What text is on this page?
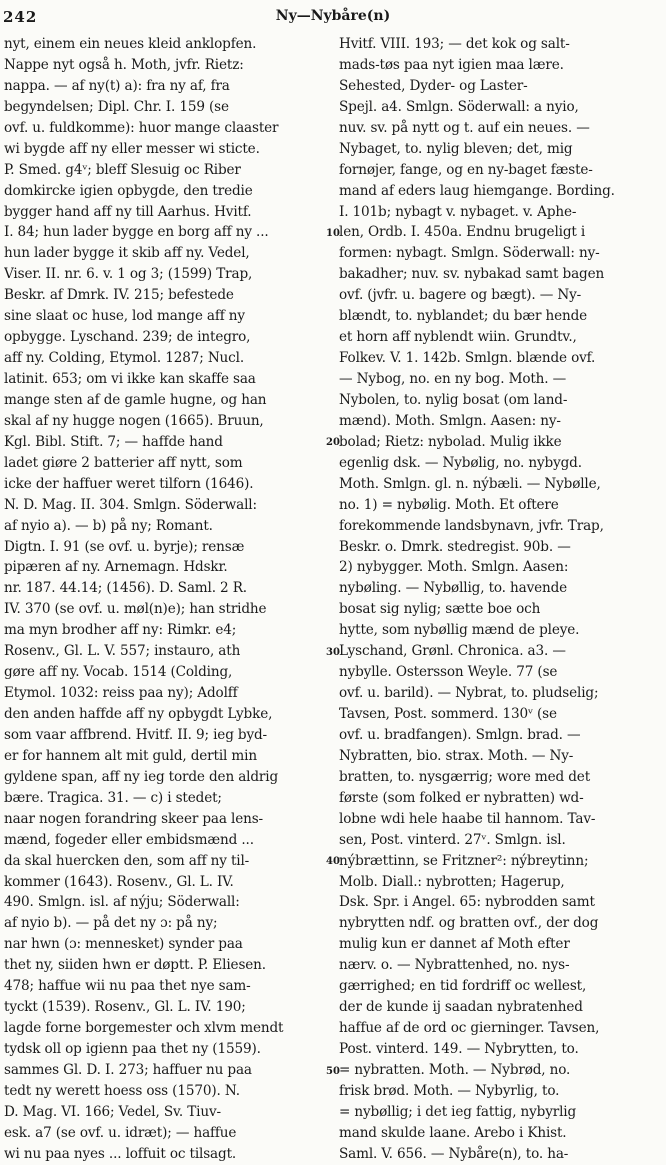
242	Ny—Nybåre(n)
nyt, einem ein neues kleid anklopfen.
Nappe nyt også h. Moth, jvfr. Rietz:
nappa. — af ny(t) a): fra ny af, fra
begyndelsen; Dipl. Chr. I. 159 (se
ovf. u. fuldkomme): huor mange claaster
wi bygde aff ny eller messer wi sticte.
P. Smed. g4ᵛ; bleff Slesuig oc Riber
domkircke igien opbygde, den tredie
bygger hand aff ny till Aarhus. Hvitf.
I. 84; hun lader bygge en borg aff ny ...
hun lader bygge it skib aff ny. Vedel,
Viser. II. nr. 6. v. 1 og 3; (1599) Trap,
Beskr. af Dmrk. IV. 215; befestede
sine slaat oc huse, lod mange aff ny
opbygge. Lyschand. 239; de integro,
aff ny. Colding, Etymol. 1287; Nucl.
latinit. 653; om vi ikke kan skaffe saa
mange sten af de gamle hugne, og han
skal af ny hugge nogen (1665). Bruun,
Kgl. Bibl. Stift. 7; — haffde hand
ladet giøre 2 batterier aff nytt, som
icke der haffuer weret tilforn (1646).
N. D. Mag. II. 304. Smlgn. Söderwall:
af nyio a). — b) på ny; Romant.
Digtn. I. 91 (se ovf. u. byrje); rensæ
pipæren af ny. Arnemagn. Hdskr.
nr. 187. 44.14; (1456). D. Saml. 2 R.
IV. 370 (se ovf. u. møl(n)e); han stridhe
ma myn brodher aff ny: Rimkr. e4;
Rosenv., Gl. L. V. 557; instauro, ath
gøre aff ny. Vocab. 1514 (Colding,
Etymol. 1032: reiss paa ny); Adolff
den anden haffde aff ny opbygdt Lybke,
som vaar affbrend. Hvitf. II. 9; ieg byd-
er for hannem alt mit guld, dertil min
gyldene span, aff ny ieg torde den aldrig
bære. Tragica. 31. — c) i stedet;
naar nogen forandring skeer paa lens-
mænd, fogeder eller embidsmænd ...
da skal huercken den, som aff ny til-
kommer (1643). Rosenv., Gl. L. IV.
490. Smlgn. isl. af nýju; Söderwall:
af nyio b). — på det ny ɔ: på ny;
nar hwn (ɔ: mennesket) synder paa
thet ny, siiden hwn er døptt. P. Eliesen.
478; haffue wii nu paa thet nye sam-
tyckt (1539). Rosenv., Gl. L. IV. 190;
lagde forne borgemester och xlvm mendt
tydsk oll op igienn paa thet ny (1559).
sammes Gl. D. I. 273; haffuer nu paa
tedt ny werett hoess oss (1570). N.
D. Mag. VI. 166; Vedel, Sv. Tiuv-
esk. a7 (se ovf. u. idræt); — haffue
wi nu paa nyes ... loffuit oc tilsagt.
10
20
30
40
50
Hvitf. VIII. 193; — det kok og salt-
mads-tøs paa nyt igien maa lære.
Sehested, Dyder- og Laster-
Spejl. a4. Smlgn. Söderwall: a nyio,
nuv. sv. på nytt og t. auf ein neues. —
Nybaget, to. nylig bleven; det, mig
fornøjer, fange, og en ny-baget fæste-
mand af eders laug hiemgange. Bording.
I. 101b; nybagt v. nybaget. v. Aphe-
len, Ordb. I. 450a. Endnu brugeligt i
formen: nybagt. Smlgn. Söderwall: ny-
bakadher; nuv. sv. nybakad samt bagen
ovf. (jvfr. u. bagere og bægt). — Ny-
blændt, to. nyblandet; du bær hende
et horn aff nyblendt wiin. Grundtv.,
Folkev. V. 1. 142b. Smlgn. blænde ovf.
— Nybog, no. en ny bog. Moth. —
Nybolen, to. nylig bosat (om land-
mænd). Moth. Smlgn. Aasen: ny-
bolad; Rietz: nybolad. Mulig ikke
egenlig dsk. — Nybølig, no. nybygd.
Moth. Smlgn. gl. n. nýbæli. — Nybølle,
no. 1) = nybølig. Moth. Et oftere
forekommende landsbynavn, jvfr. Trap,
Beskr. o. Dmrk. stedregist. 90b. —
2) nybygger. Moth. Smlgn. Aasen:
nybøling. — Nybøllig, to. havende
bosat sig nylig; sætte boe och
hytte, som nybøllig mænd de pleye.
Lyschand, Grønl. Chronica. a3. —
nybylle. Ostersson Weyle. 77 (se
ovf. u. barild). — Nybrat, to. pludselig;
Tavsen, Post. sommerd. 130ᵛ (se
ovf. u. bradfangen). Smlgn. brad. —
Nybratten, bio. strax. Moth. — Ny-
bratten, to. nysgærrig; wore med det
første (som folked er nybratten) wd-
lobne wdi hele haabe til hannom. Tav-
sen, Post. vinterd. 27ᵛ. Smlgn. isl.
nýbrættinn, se Fritzner²: nýbreytinn;
Molb. Diall.: nybrotten; Hagerup,
Dsk. Spr. i Angel. 65: nybrodden samt
nybrytten ndf. og bratten ovf., der dog
mulig kun er dannet af Moth efter
nærv. o. — Nybrattenhed, no. nys-
gærrighed; en tid fordriff oc wellest,
der de kunde ij saadan nybratenhed
haffue af de ord oc gierninger. Tavsen,
Post. vinterd. 149. — Nybrytten, to.
= nybratten. Moth. — Nybrød, no.
frisk brød. Moth. — Nybyrlig, to.
= nybøllig; i det ieg fattig, nybyrlig
mand skulde laane. Arebo i Khist.
Saml. V. 656. — Nybåre(n), to. ha-
